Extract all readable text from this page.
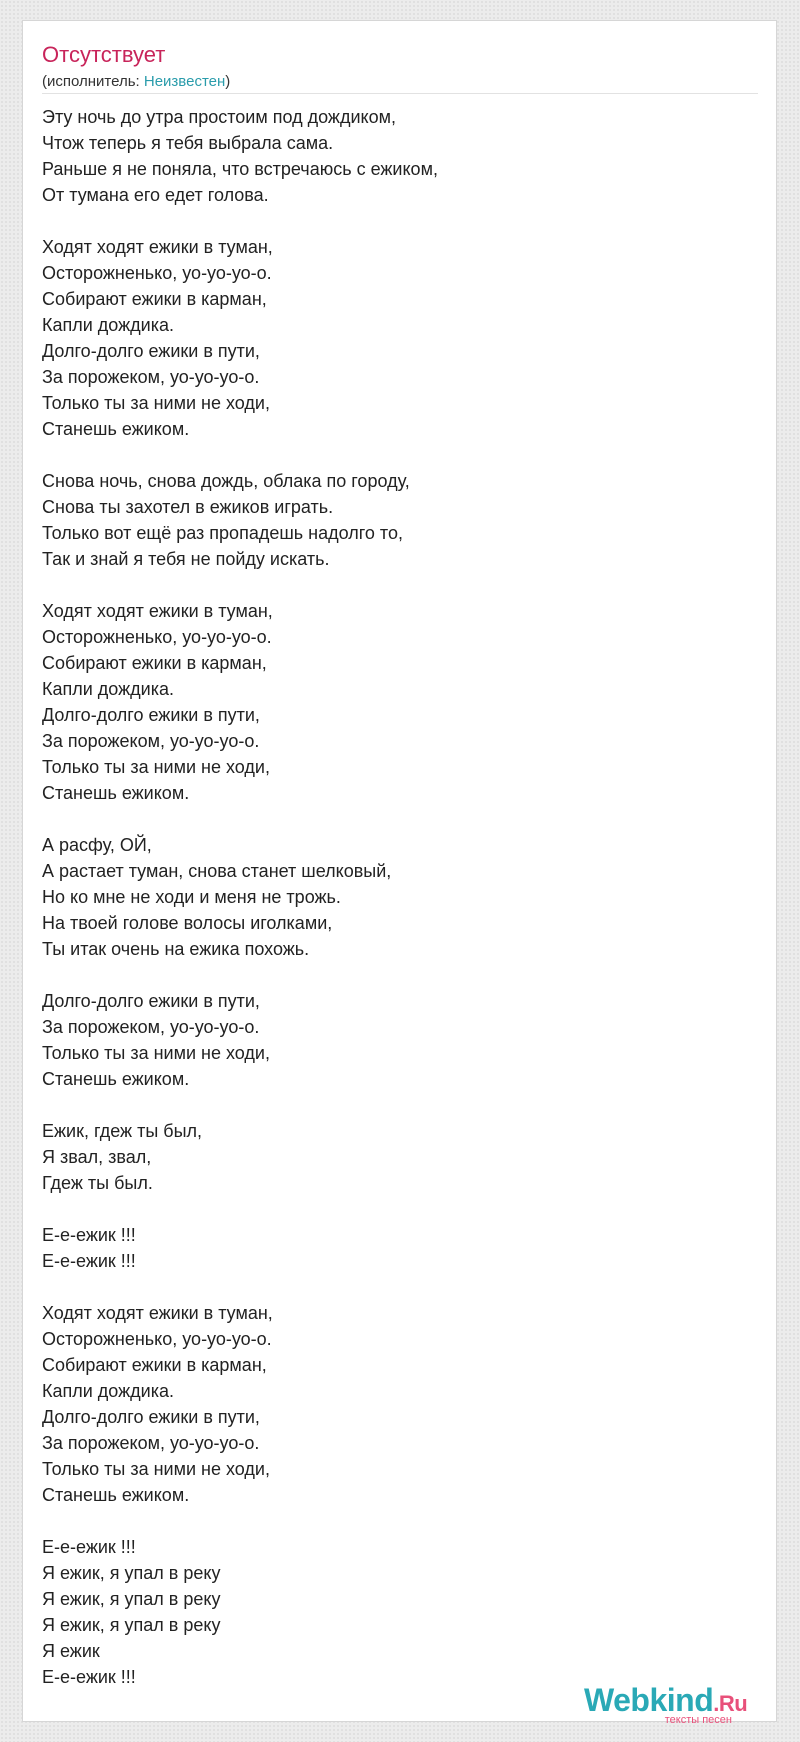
Отсутствует
(исполнитель: Неизвестен)
Эту ночь до утра простоим под дождиком,
Чтож теперь я тебя выбрала сама.
Раньше я не поняла, что встречаюсь с ежиком,
От тумана его едет голова.
Ходят ходят ежики в туман,
Осторожненько, уо-уо-уо-о.
Собирают ежики в карман,
Капли дождика.
Долго-долго ежики в пути,
За порожеком, уо-уо-уо-о.
Только ты за ними не ходи,
Станешь ежиком.
Снова ночь, снова дождь, облака по городу,
Снова ты захотел в ежиков играть.
Только вот ещё раз пропадешь надолго то,
Так и знай я тебя не пойду искать.
Ходят ходят ежики в туман,
Осторожненько, уо-уо-уо-о.
Собирают ежики в карман,
Капли дождика.
Долго-долго ежики в пути,
За порожеком, уо-уо-уо-о.
Только ты за ними не ходи,
Станешь ежиком.
А расфу, ОЙ,
А растает туман, снова станет шелковый,
Но ко мне не ходи и меня не трожь.
На твоей голове волосы иголками,
Ты итак очень на ежика похожь.
Долго-долго ежики в пути,
За порожеком, уо-уо-уо-о.
Только ты за ними не ходи,
Станешь ежиком.
Ежик, гдеж ты был,
Я звал, звал,
Гдеж ты был.
Е-е-ежик !!!
Е-е-ежик !!!
Ходят ходят ежики в туман,
Осторожненько, уо-уо-уо-о.
Собирают ежики в карман,
Капли дождика.
Долго-долго ежики в пути,
За порожеком, уо-уо-уо-о.
Только ты за ними не ходи,
Станешь ежиком.
Е-е-ежик !!!
Я ежик, я упал в реку
Я ежик, я упал в реку
Я ежик, я упал в реку
Я ежик
Е-е-ежик !!!
Webkind.Ru
тексты песен
